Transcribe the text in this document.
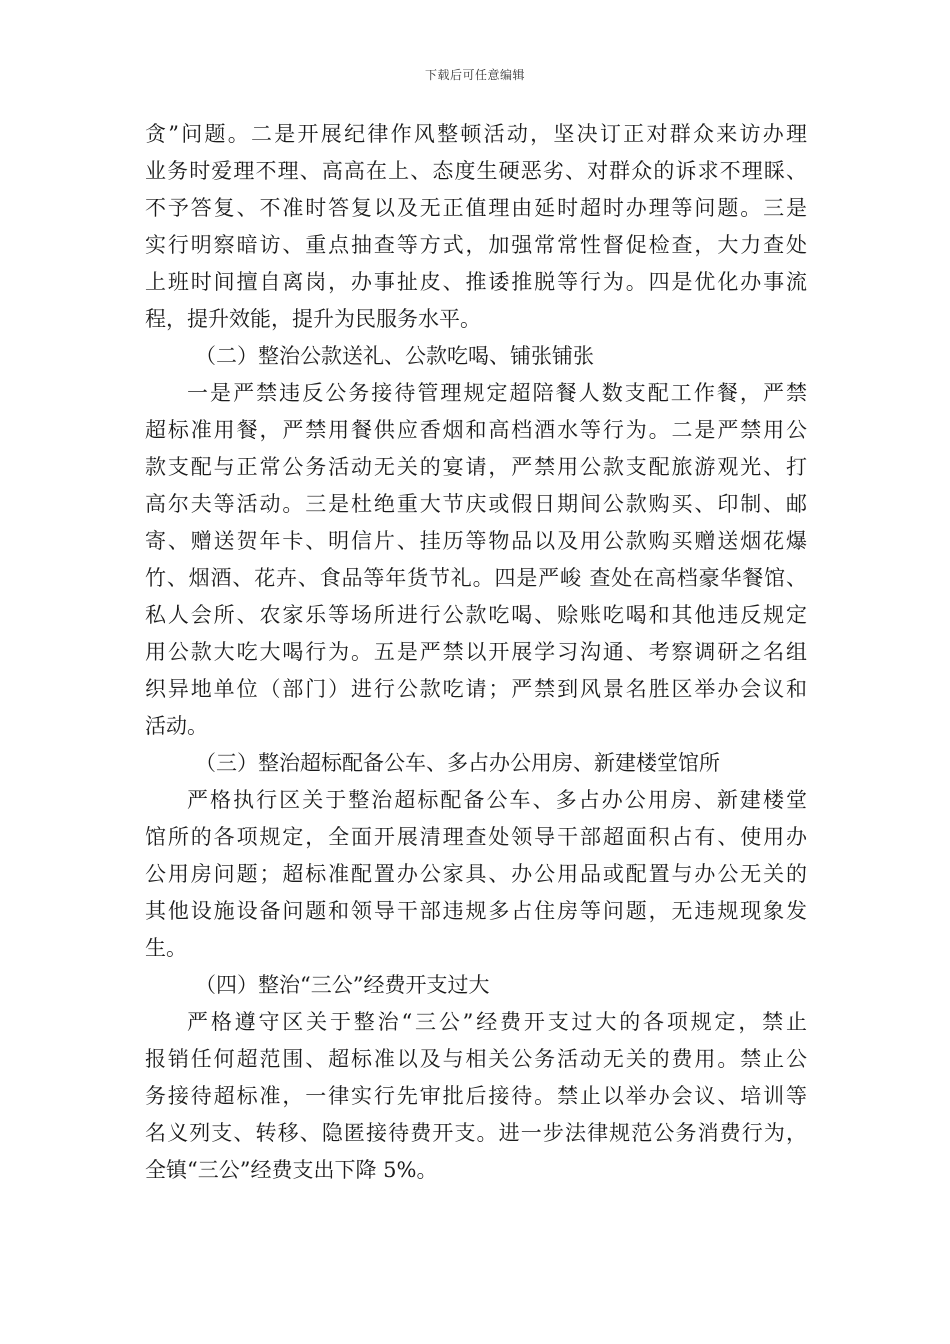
下载后可任意编辑
贪”问题。二是开展纪律作风整顿活动，坚决订正对群众来访办理
业务时爱理不理、高高在上、态度生硬恶劣、对群众的诉求不理睬、
不予答复、不准时答复以及无正值理由延时超时办理等问题。三是
实行明察暗访、重点抽查等方式，加强常常性督促检查，大力查处
上班时间擅自离岗，办事扯皮、推诿推脱等行为。四是优化办事流
程，提升效能，提升为民服务水平。
（二）整治公款送礼、公款吃喝、铺张铺张
一是严禁违反公务接待管理规定超陪餐人数支配工作餐，严禁
超标准用餐，严禁用餐供应香烟和高档酒水等行为。二是严禁用公
款支配与正常公务活动无关的宴请，严禁用公款支配旅游观光、打
高尔夫等活动。三是杜绝重大节庆或假日期间公款购买、印制、邮
寄、赠送贺年卡、明信片、挂历等物品以及用公款购买赠送烟花爆
竹、烟酒、花卉、食品等年货节礼。四是严峻 查处在高档豪华餐馆、
私人会所、农家乐等场所进行公款吃喝、赊账吃喝和其他违反规定
用公款大吃大喝行为。五是严禁以开展学习沟通、考察调研之名组
织异地单位（部门）进行公款吃请；严禁到风景名胜区举办会议和
活动。
（三）整治超标配备公车、多占办公用房、新建楼堂馆所
严格执行区关于整治超标配备公车、多占办公用房、新建楼堂
馆所的各项规定，全面开展清理查处领导干部超面积占有、使用办
公用房问题；超标准配置办公家具、办公用品或配置与办公无关的
其他设施设备问题和领导干部违规多占住房等问题，无违规现象发
生。
（四）整治“三公”经费开支过大
严格遵守区关于整治“三公”经费开支过大的各项规定，禁止
报销任何超范围、超标准以及与相关公务活动无关的费用。禁止公
务接待超标准，一律实行先审批后接待。禁止以举办会议、培训等
名义列支、转移、隐匿接待费开支。进一步法律规范公务消费行为，
全镇“三公”经费支出下降 5%。
